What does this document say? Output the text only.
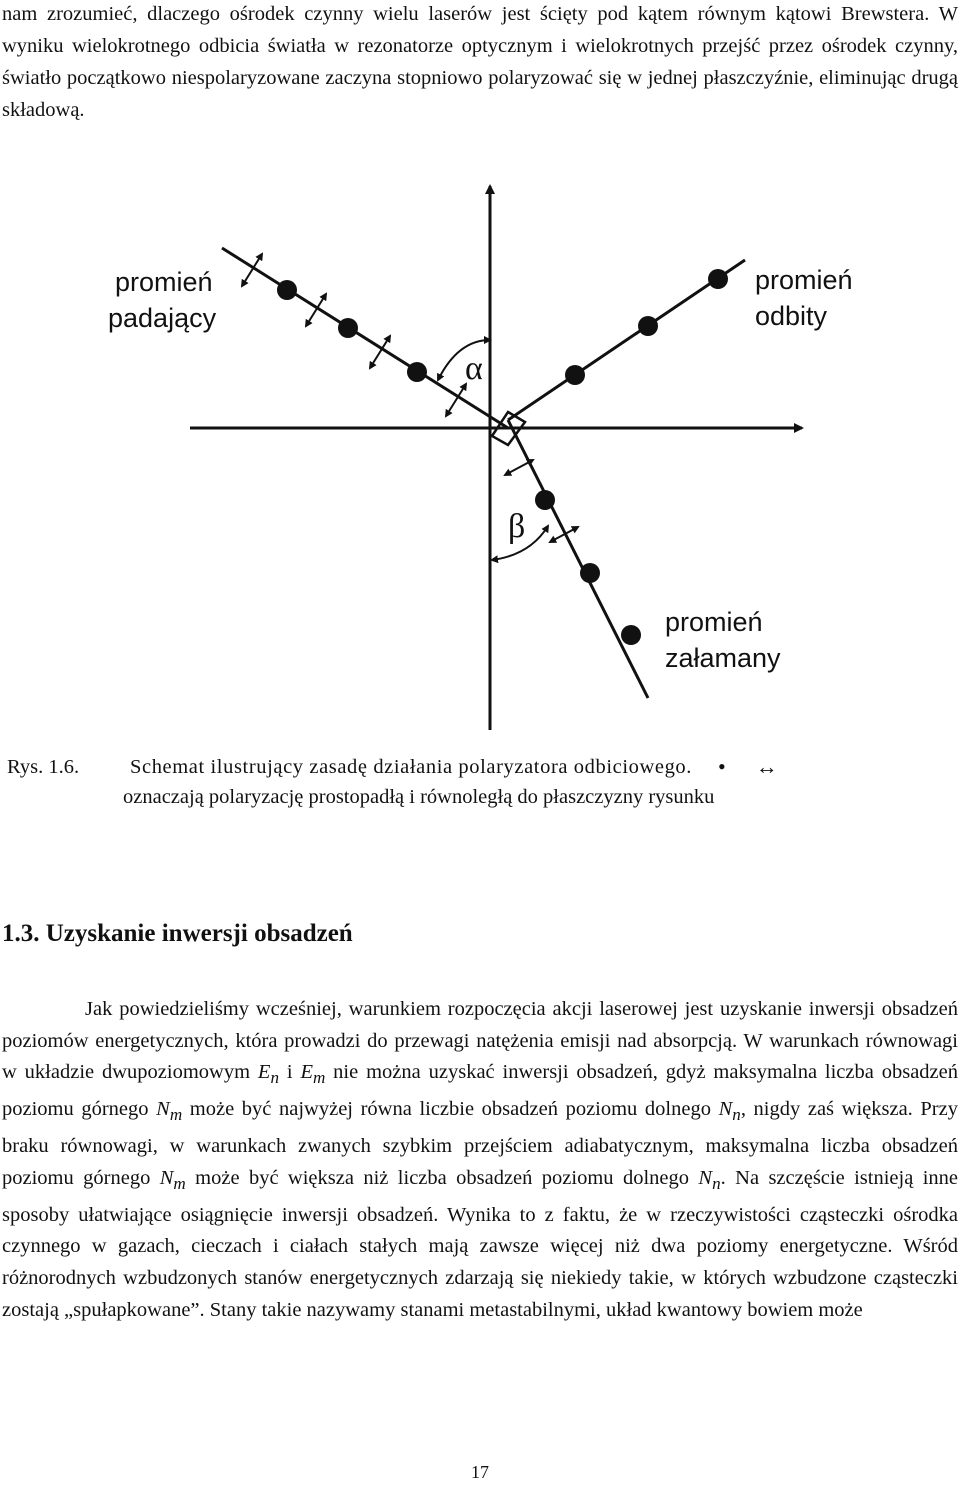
nam zrozumieć, dlaczego ośrodek czynny wielu laserów jest ścięty pod kątem równym kątowi Brewstera. W wyniku wielokrotnego odbicia światła w rezonatorze optycznym i wielokrotnych przejść przez ośrodek czynny, światło początkowo niespolaryzowane zaczyna stopniowo polaryzować się w jednej płaszczyźnie, eliminując drugą składową.

promień
padający
promień
odbity
promień
załamany
α
β
Rys. 1.6. Schemat ilustrujący zasadę działania polaryzatora odbiciowego. • ↔
oznaczają polaryzację prostopadłą i równoległą do płaszczyzny rysunku
1.3. Uzyskanie inwersji obsadzeń

Jak powiedzieliśmy wcześniej, warunkiem rozpoczęcia akcji laserowej jest uzyskanie inwersji obsadzeń poziomów energetycznych, która prowadzi do przewagi natężenia emisji nad absorpcją. W warunkach równowagi w układzie dwupoziomowym $E_n$ i $E_m$ nie można uzyskać inwersji obsadzeń, gdyż maksymalna liczba obsadzeń poziomu górnego $N_m$ może być najwyżej równa liczbie obsadzeń poziomu dolnego $N_n$, nigdy zaś większa. Przy braku równowagi, w warunkach zwanych szybkim przejściem adiabatycznym, maksymalna liczba obsadzeń poziomu górnego $N_m$ może być większa niż liczba obsadzeń poziomu dolnego $N_n$. Na szczęście istnieją inne sposoby ułatwiające osiągnięcie inwersji obsadzeń. Wynika to z faktu, że w rzeczywistości cząsteczki ośrodka czynnego w gazach, cieczach i ciałach stałych mają zawsze więcej niż dwa poziomy energetyczne. Wśród różnorodnych wzbudzonych stanów energetycznych zdarzają się niekiedy takie, w których wzbudzone cząsteczki zostają „spułapkowane”. Stany takie nazywamy stanami metastabilnymi, układ kwantowy bowiem może

17
